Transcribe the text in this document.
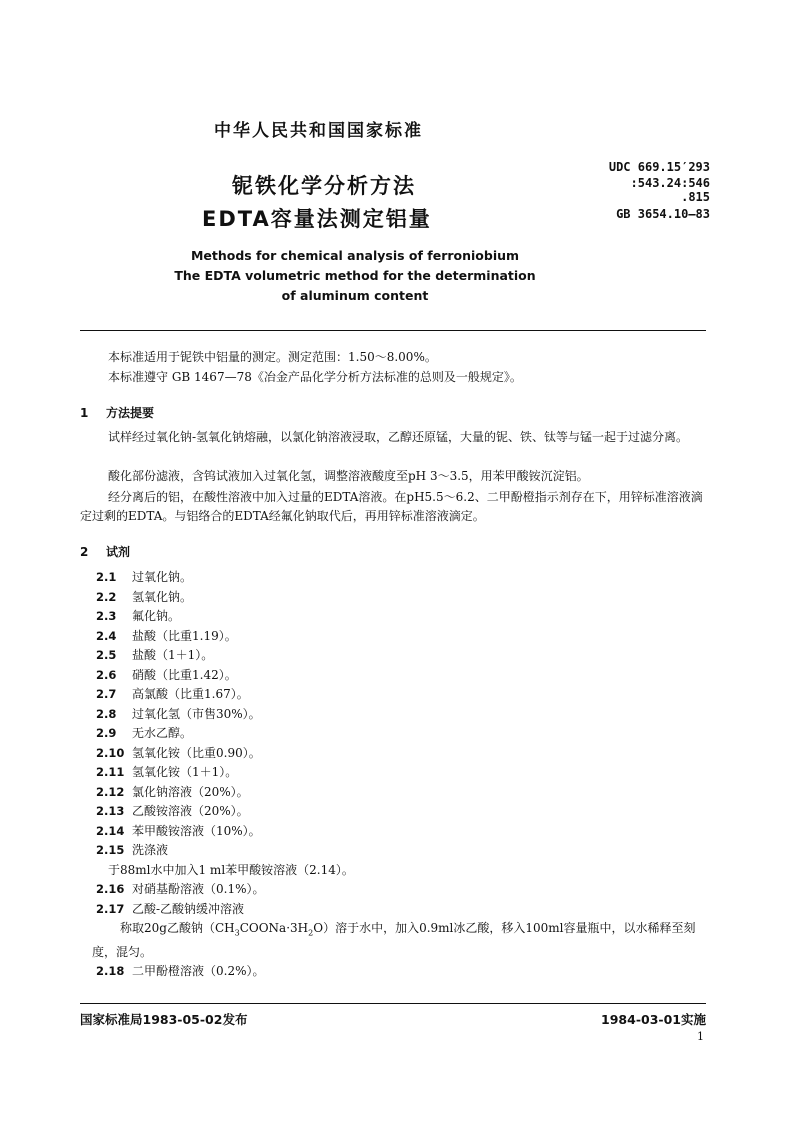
中华人民共和国国家标准
铌铁化学分析方法
EDTA容量法测定铝量
UDC 669.15′293
:543.24:546
.815
GB 3654.10—83
Methods for chemical analysis of ferroniobium
The EDTA volumetric method for the determination
of aluminum content
本标准适用于铌铁中铝量的测定。测定范围：1.50～8.00%。
本标准遵守 GB 1467—78《冶金产品化学分析方法标准的总则及一般规定》。
1 方法提要
试样经过氧化钠-氢氧化钠熔融，以氯化钠溶液浸取，乙醇还原锰，大量的铌、铁、钛等与锰一起于过滤分离。
酸化部份滤液，含钨试液加入过氧化氢，调整溶液酸度至pH 3～3.5，用苯甲酸铵沉淀铝。
经分离后的铝，在酸性溶液中加入过量的EDTA溶液。在pH5.5～6.2、二甲酚橙指示剂存在下，用锌标准溶液滴定过剩的EDTA。与铝络合的EDTA经氟化钠取代后，再用锌标准溶液滴定。
2 试剂
2.1 过氧化钠。
2.2 氢氧化钠。
2.3 氟化钠。
2.4 盐酸（比重1.19）。
2.5 盐酸（1＋1）。
2.6 硝酸（比重1.42）。
2.7 高氯酸（比重1.67）。
2.8 过氧化氢（市售30%）。
2.9 无水乙醇。
2.10 氢氧化铵（比重0.90）。
2.11 氢氧化铵（1＋1）。
2.12 氯化钠溶液（20%）。
2.13 乙酸铵溶液（20%）。
2.14 苯甲酸铵溶液（10%）。
2.15 洗涤液
于88ml水中加入1 ml苯甲酸铵溶液（2.14）。
2.16 对硝基酚溶液（0.1%）。
2.17 乙酸-乙酸钠缓冲溶液
称取20g乙酸钠$(CH_3COONa\cdot 3H_2O)$溶于水中，加入0.9ml冰乙酸，移入100ml容量瓶中，以水稀释至刻度，混匀。
2.18 二甲酚橙溶液（0.2%）。
国家标准局1983-05-02发布	1984-03-01实施
1
